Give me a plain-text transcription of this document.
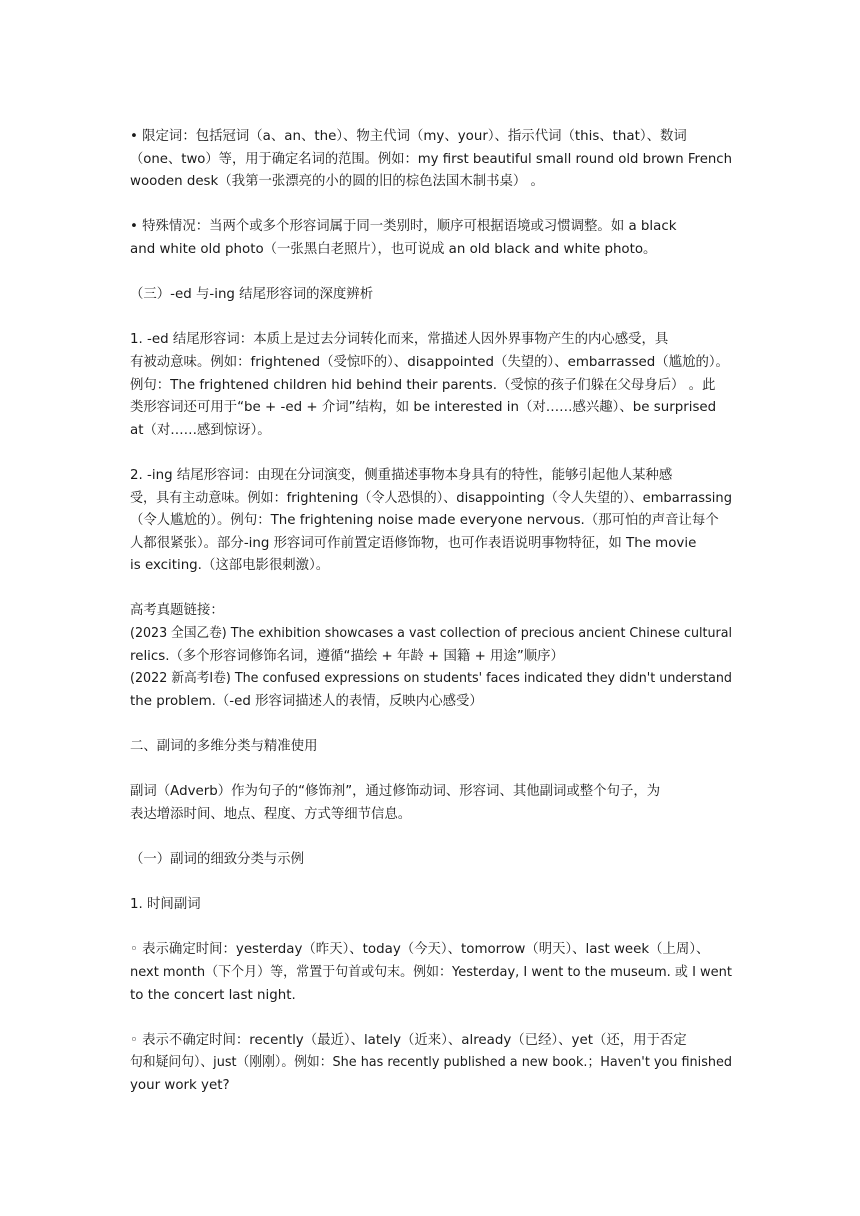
• 限定词：包括冠词（a、an、the）、物主代词（my、your）、指示代词（this、that）、数词
（one、two）等，用于确定名词的范围。例如：my first beautiful small round old brown French
wooden desk（我第一张漂亮的小的圆的旧的棕色法国木制书桌） 。

• 特殊情况：当两个或多个形容词属于同一类别时，顺序可根据语境或习惯调整。如 a black
and white old photo（一张黑白老照片），也可说成 an old black and white photo。

（三）-ed 与-ing 结尾形容词的深度辨析

1. -ed 结尾形容词：本质上是过去分词转化而来，常描述人因外界事物产生的内心感受，具
有被动意味。例如：frightened（受惊吓的）、disappointed（失望的）、embarrassed（尴尬的）。
例句：The frightened children hid behind their parents.（受惊的孩子们躲在父母身后） 。此
类形容词还可用于“be + -ed + 介词”结构，如 be interested in（对……感兴趣）、be surprised
at（对……感到惊讶）。

2. -ing 结尾形容词：由现在分词演变，侧重描述事物本身具有的特性，能够引起他人某种感
受，具有主动意味。例如：frightening（令人恐惧的）、disappointing（令人失望的）、embarrassing
（令人尴尬的）。例句：The frightening noise made everyone nervous.（那可怕的声音让每个
人都很紧张）。部分-ing 形容词可作前置定语修饰物，也可作表语说明事物特征，如 The movie
is exciting.（这部电影很刺激）。

高考真题链接：
(2023 全国乙卷) The exhibition showcases a vast collection of precious ancient Chinese cultural
relics.（多个形容词修饰名词，遵循“描绘 + 年龄 + 国籍 + 用途”顺序）
(2022 新高考Ⅰ卷) The confused expressions on students' faces indicated they didn't understand
the problem.（-ed 形容词描述人的表情，反映内心感受）

二、副词的多维分类与精准使用

副词（Adverb）作为句子的“修饰剂”，通过修饰动词、形容词、其他副词或整个句子，为
表达增添时间、地点、程度、方式等细节信息。

（一）副词的细致分类与示例

1. 时间副词

◦ 表示确定时间：yesterday（昨天）、today（今天）、tomorrow（明天）、last week（上周）、
next month（下个月）等，常置于句首或句末。例如：Yesterday, I went to the museum. 或 I went
to the concert last night.

◦ 表示不确定时间：recently（最近）、lately（近来）、already（已经）、yet（还，用于否定
句和疑问句）、just（刚刚）。例如：She has recently published a new book.；Haven't you finished
your work yet?
